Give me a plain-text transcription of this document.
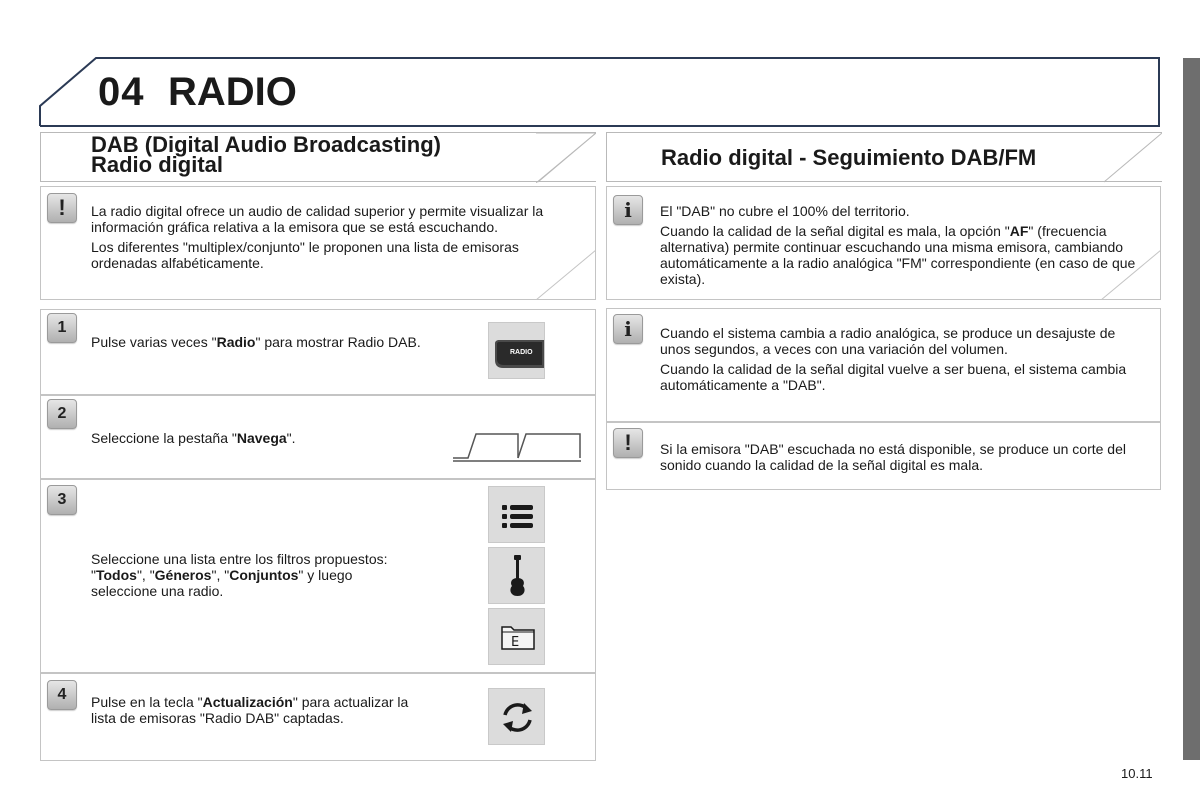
04 RADIO
DAB (Digital Audio Broadcasting)
Radio digital	Radio digital - Seguimiento DAB/FM
!	La radio digital ofrece un audio de calidad superior y permite visualizar la información gráfica relativa a la emisora que se está escuchando.

Los diferentes "multiplex/conjunto" le proponen una lista de emisoras ordenadas alfabéticamente.

1
Pulse varias veces "Radio" para mostrar Radio DAB.
RADIO
2
Seleccione la pestaña "Navega".
3
Seleccione una lista entre los filtros propuestos:
"Todos", "Géneros", "Conjuntos" y luego
seleccione una radio.
E
4	Pulse en la tecla "Actualización" para actualizar la lista de emisoras "Radio DAB" captadas.
i	El "DAB" no cubre el 100% del territorio.

Cuando la calidad de la señal digital es mala, la opción "AF" (frecuencia alternativa) permite continuar escuchando una misma emisora, cambiando automáticamente a la radio analógica "FM" correspondiente (en caso de que exista).

i	Cuando el sistema cambia a radio analógica, se produce un desajuste de unos segundos, a veces con una variación del volumen.

Cuando la calidad de la señal digital vuelve a ser buena, el sistema cambia automáticamente a "DAB".

!	Si la emisora "DAB" escuchada no está disponible, se produce un corte del sonido cuando la calidad de la señal digital es mala.

10.11
